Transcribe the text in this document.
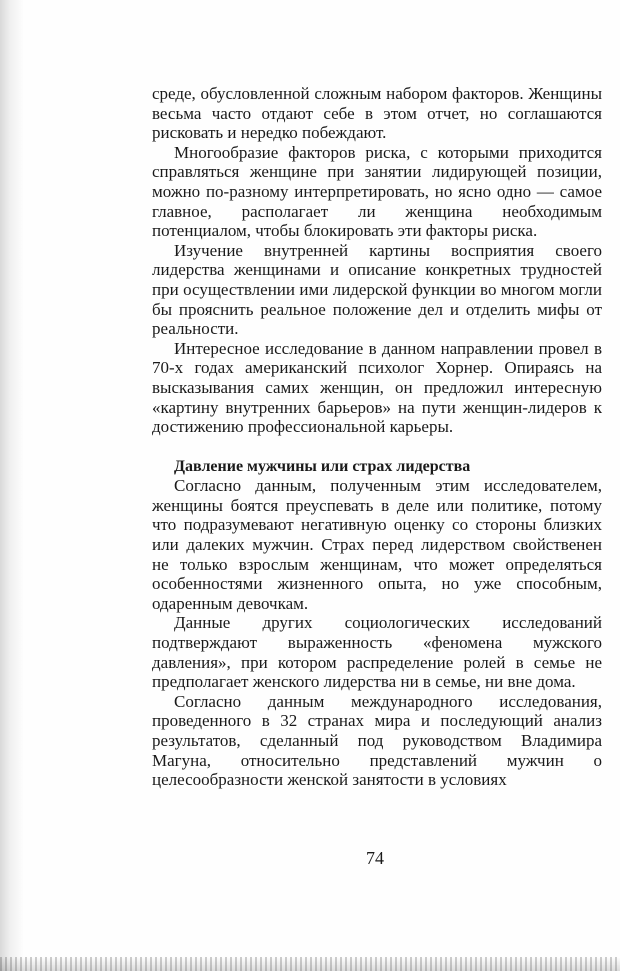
среде, обусловленной сложным набором факторов. Женщины весьма часто отдают себе в этом отчет, но соглашаются рисковать и нередко побеждают.

Многообразие факторов риска, с которыми приходится справляться женщине при занятии лидирующей позиции, можно по-разному интерпретировать, но ясно одно — самое главное, располагает ли женщина необходимым потенциалом, чтобы блокировать эти факторы риска.

Изучение внутренней картины восприятия своего лидерства женщинами и описание конкретных трудностей при осуществлении ими лидерской функции во многом могли бы прояснить реальное положение дел и отделить мифы от реальности.

Интересное исследование в данном направлении провел в 70-х годах американский психолог Хорнер. Опираясь на высказывания самих женщин, он предложил интересную «картину внутренних барьеров» на пути женщин-лидеров к достижению профессиональной карьеры.

Давление мужчины или страх лидерства

Согласно данным, полученным этим исследователем, женщины боятся преуспевать в деле или политике, потому что подразумевают негативную оценку со стороны близких или далеких мужчин. Страх перед лидерством свойственен не только взрослым женщинам, что может определяться особенностями жизненного опыта, но уже способным, одаренным девочкам.

Данные других социологических исследований подтверждают выраженность «феномена мужского давления», при котором распределение ролей в семье не предполагает женского лидерства ни в семье, ни вне дома.

Согласно данным международного исследования, проведенного в 32 странах мира и последующий анализ результатов, сделанный под руководством Владимира Магуна, относительно представлений мужчин о целесообразности женской занятости в условиях

74
